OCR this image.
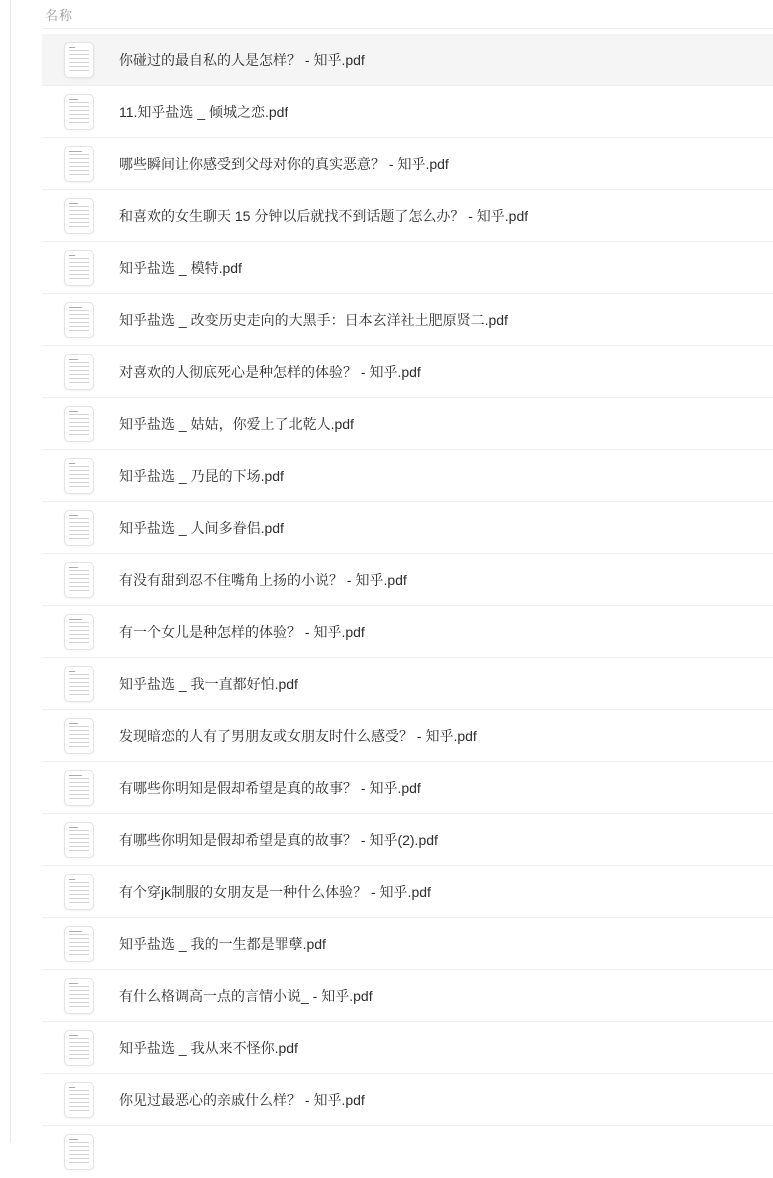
名称
你碰过的最自私的人是怎样？ - 知乎.pdf
11.知乎盐选 _ 倾城之恋.pdf
哪些瞬间让你感受到父母对你的真实恶意？ - 知乎.pdf
和喜欢的女生聊天 15 分钟以后就找不到话题了怎么办？ - 知乎.pdf
知乎盐选 _ 模特.pdf
知乎盐选 _ 改变历史走向的大黑手：日本玄洋社土肥原贤二.pdf
对喜欢的人彻底死心是种怎样的体验？ - 知乎.pdf
知乎盐选 _ 姑姑，你爱上了北乾人.pdf
知乎盐选 _ 乃昆的下场.pdf
知乎盐选 _ 人间多眷侣.pdf
有没有甜到忍不住嘴角上扬的小说？ - 知乎.pdf
有一个女儿是种怎样的体验？ - 知乎.pdf
知乎盐选 _ 我一直都好怕.pdf
发现暗恋的人有了男朋友或女朋友时什么感受？ - 知乎.pdf
有哪些你明知是假却希望是真的故事？ - 知乎.pdf
有哪些你明知是假却希望是真的故事？ - 知乎(2).pdf
有个穿jk制服的女朋友是一种什么体验？ - 知乎.pdf
知乎盐选 _ 我的一生都是罪孽.pdf
有什么格调高一点的言情小说_ - 知乎.pdf
知乎盐选 _ 我从来不怪你.pdf
你见过最恶心的亲戚什么样？ - 知乎.pdf
